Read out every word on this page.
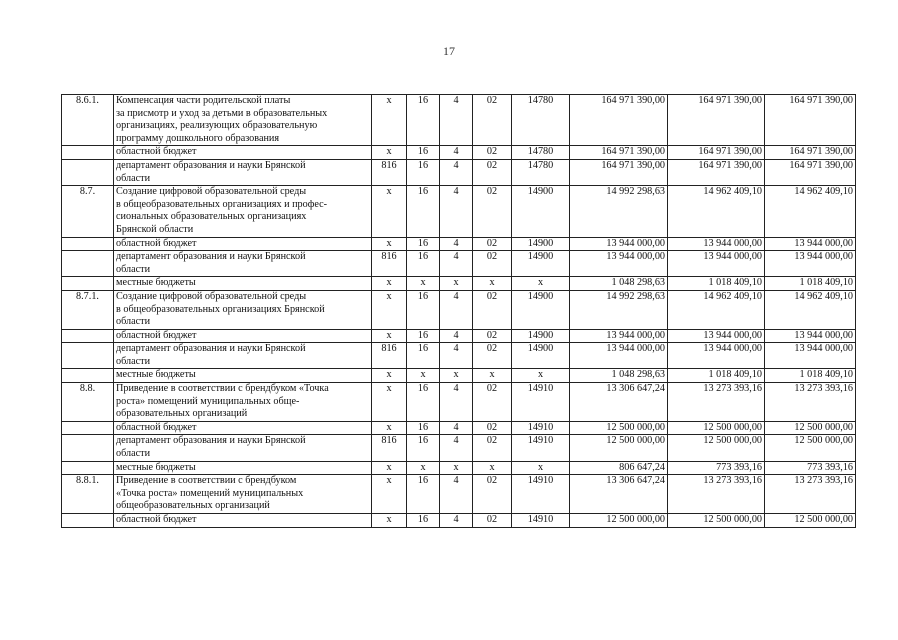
17
8.6.1.	Компенсация части родительской платы
за присмотр и уход за детьми в образовательных
организациях, реализующих образовательную
программу дошкольного образования	x	16	4	02	14780	164 971 390,00	164 971 390,00	164 971 390,00
	областной бюджет	x	16	4	02	14780	164 971 390,00	164 971 390,00	164 971 390,00
	департамент образования и науки Брянской
области	816	16	4	02	14780	164 971 390,00	164 971 390,00	164 971 390,00
8.7.	Создание цифровой образовательной среды
в общеобразовательных организациях и профес-
сиональных образовательных организациях
Брянской области	x	16	4	02	14900	14 992 298,63	14 962 409,10	14 962 409,10
	областной бюджет	x	16	4	02	14900	13 944 000,00	13 944 000,00	13 944 000,00
	департамент образования и науки Брянской
области	816	16	4	02	14900	13 944 000,00	13 944 000,00	13 944 000,00
	местные бюджеты	x	x	x	x	x	1 048 298,63	1 018 409,10	1 018 409,10
8.7.1.	Создание цифровой образовательной среды
в общеобразовательных организациях Брянской
области	x	16	4	02	14900	14 992 298,63	14 962 409,10	14 962 409,10
	областной бюджет	x	16	4	02	14900	13 944 000,00	13 944 000,00	13 944 000,00
	департамент образования и науки Брянской
области	816	16	4	02	14900	13 944 000,00	13 944 000,00	13 944 000,00
	местные бюджеты	x	x	x	x	x	1 048 298,63	1 018 409,10	1 018 409,10
8.8.	Приведение в соответствии с брендбуком «Точка
роста» помещений муниципальных обще-
образовательных организаций	x	16	4	02	14910	13 306 647,24	13 273 393,16	13 273 393,16
	областной бюджет	x	16	4	02	14910	12 500 000,00	12 500 000,00	12 500 000,00
	департамент образования и науки Брянской
области	816	16	4	02	14910	12 500 000,00	12 500 000,00	12 500 000,00
	местные бюджеты	x	x	x	x	x	806 647,24	773 393,16	773 393,16
8.8.1.	Приведение в соответствии с брендбуком
«Точка роста» помещений муниципальных
общеобразовательных организаций	x	16	4	02	14910	13 306 647,24	13 273 393,16	13 273 393,16
	областной бюджет	x	16	4	02	14910	12 500 000,00	12 500 000,00	12 500 000,00
